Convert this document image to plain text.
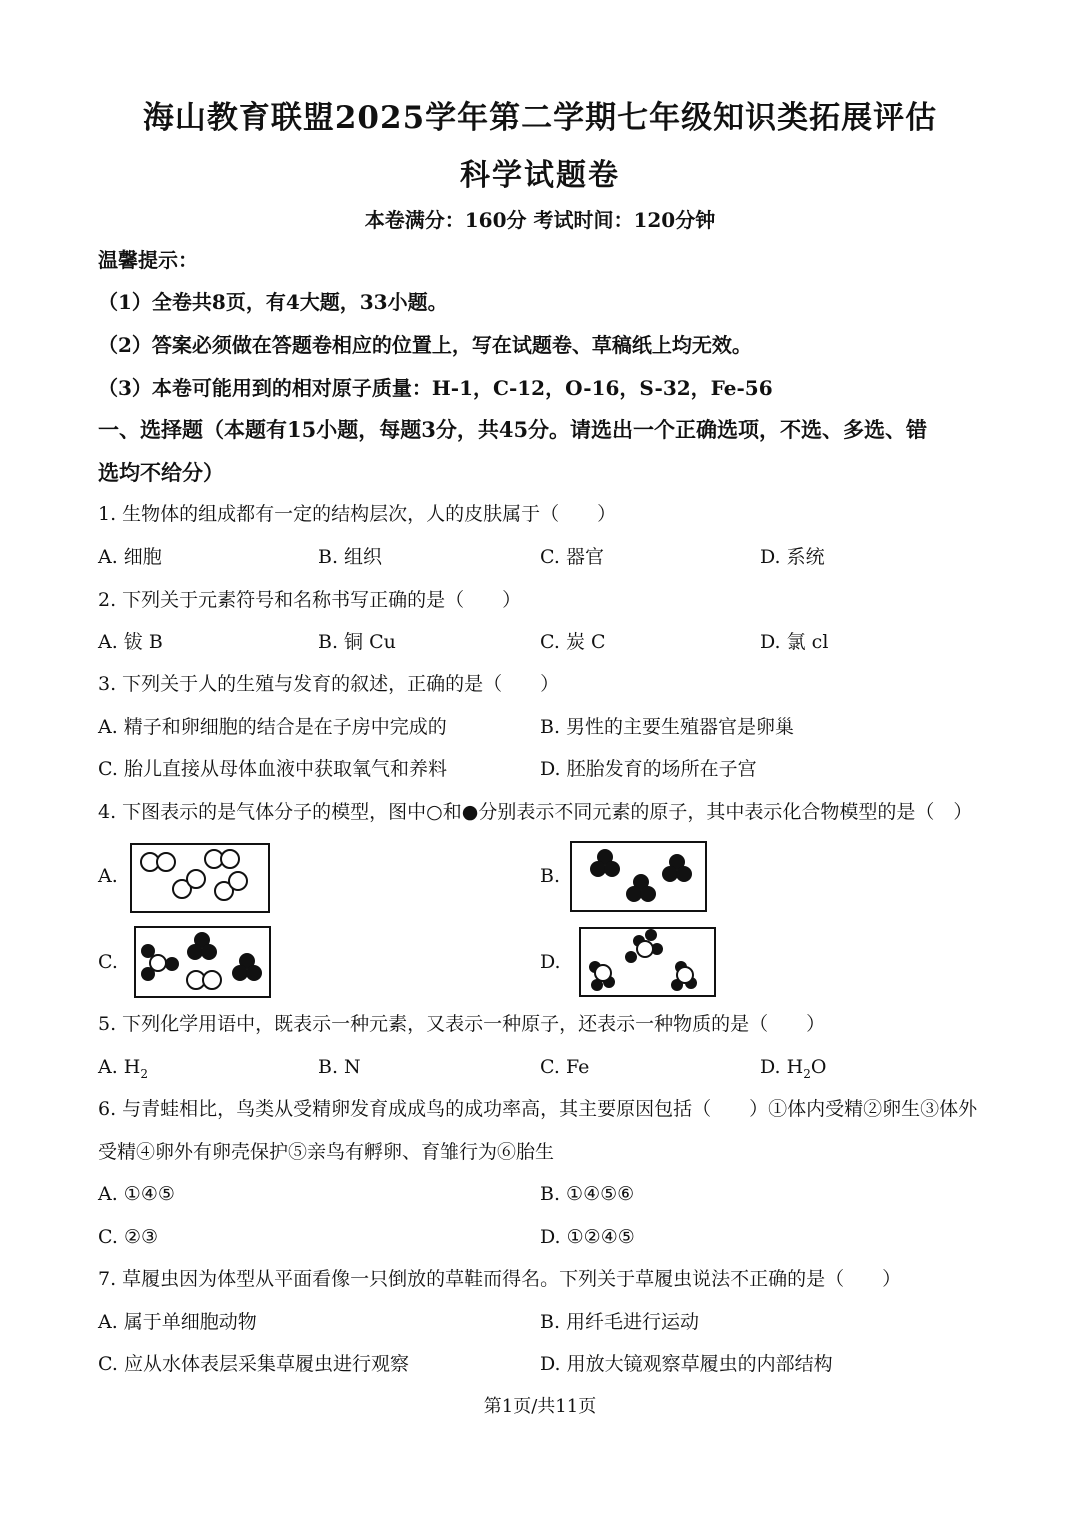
海山教育联盟2025学年第二学期七年级知识类拓展评估
科学试题卷
本卷满分：160分 考试时间：120分钟
温馨提示：
（1）全卷共8页，有4大题，33小题。
（2）答案必须做在答题卷相应的位置上，写在试题卷、草稿纸上均无效。
（3）本卷可能用到的相对原子质量：H-1，C-12，O-16，S-32，Fe-56
一、选择题（本题有15小题，每题3分，共45分。请选出一个正确选项，不选、多选、错
选均不给分）
1. 生物体的组成都有一定的结构层次，人的皮肤属于（　　）
A. 细胞	B. 组织	C. 器官	D. 系统
2. 下列关于元素符号和名称书写正确的是（　　）
A. 钹 B	B. 铜 Cu	C. 炭 C	D. 氯 cl
3. 下列关于人的生殖与发育的叙述，正确的是（　　）
A. 精子和卵细胞的结合是在子房中完成的	B. 男性的主要生殖器官是卵巢
C. 胎儿直接从母体血液中获取氧气和养料	D. 胚胎发育的场所在子宫
4. 下图表示的是气体分子的模型，图中○和●分别表示不同元素的原子，其中表示化合物模型的是（　）
A.	B.
C.	D.
5. 下列化学用语中，既表示一种元素，又表示一种原子，还表示一种物质的是（　　）
A. $H_2$	B. N	C. Fe	D. $H_2O$
6. 与青蛙相比，鸟类从受精卵发育成成鸟的成功率高，其主要原因包括（　　）①体内受精②卵生③体外
受精④卵外有卵壳保护⑤亲鸟有孵卵、育雏行为⑥胎生
A. ①④⑤	B. ①④⑤⑥
C. ②③	D. ①②④⑤
7. 草履虫因为体型从平面看像一只倒放的草鞋而得名。下列关于草履虫说法不正确的是（　　）
A. 属于单细胞动物	B. 用纤毛进行运动
C. 应从水体表层采集草履虫进行观察	D. 用放大镜观察草履虫的内部结构
第1页/共11页
